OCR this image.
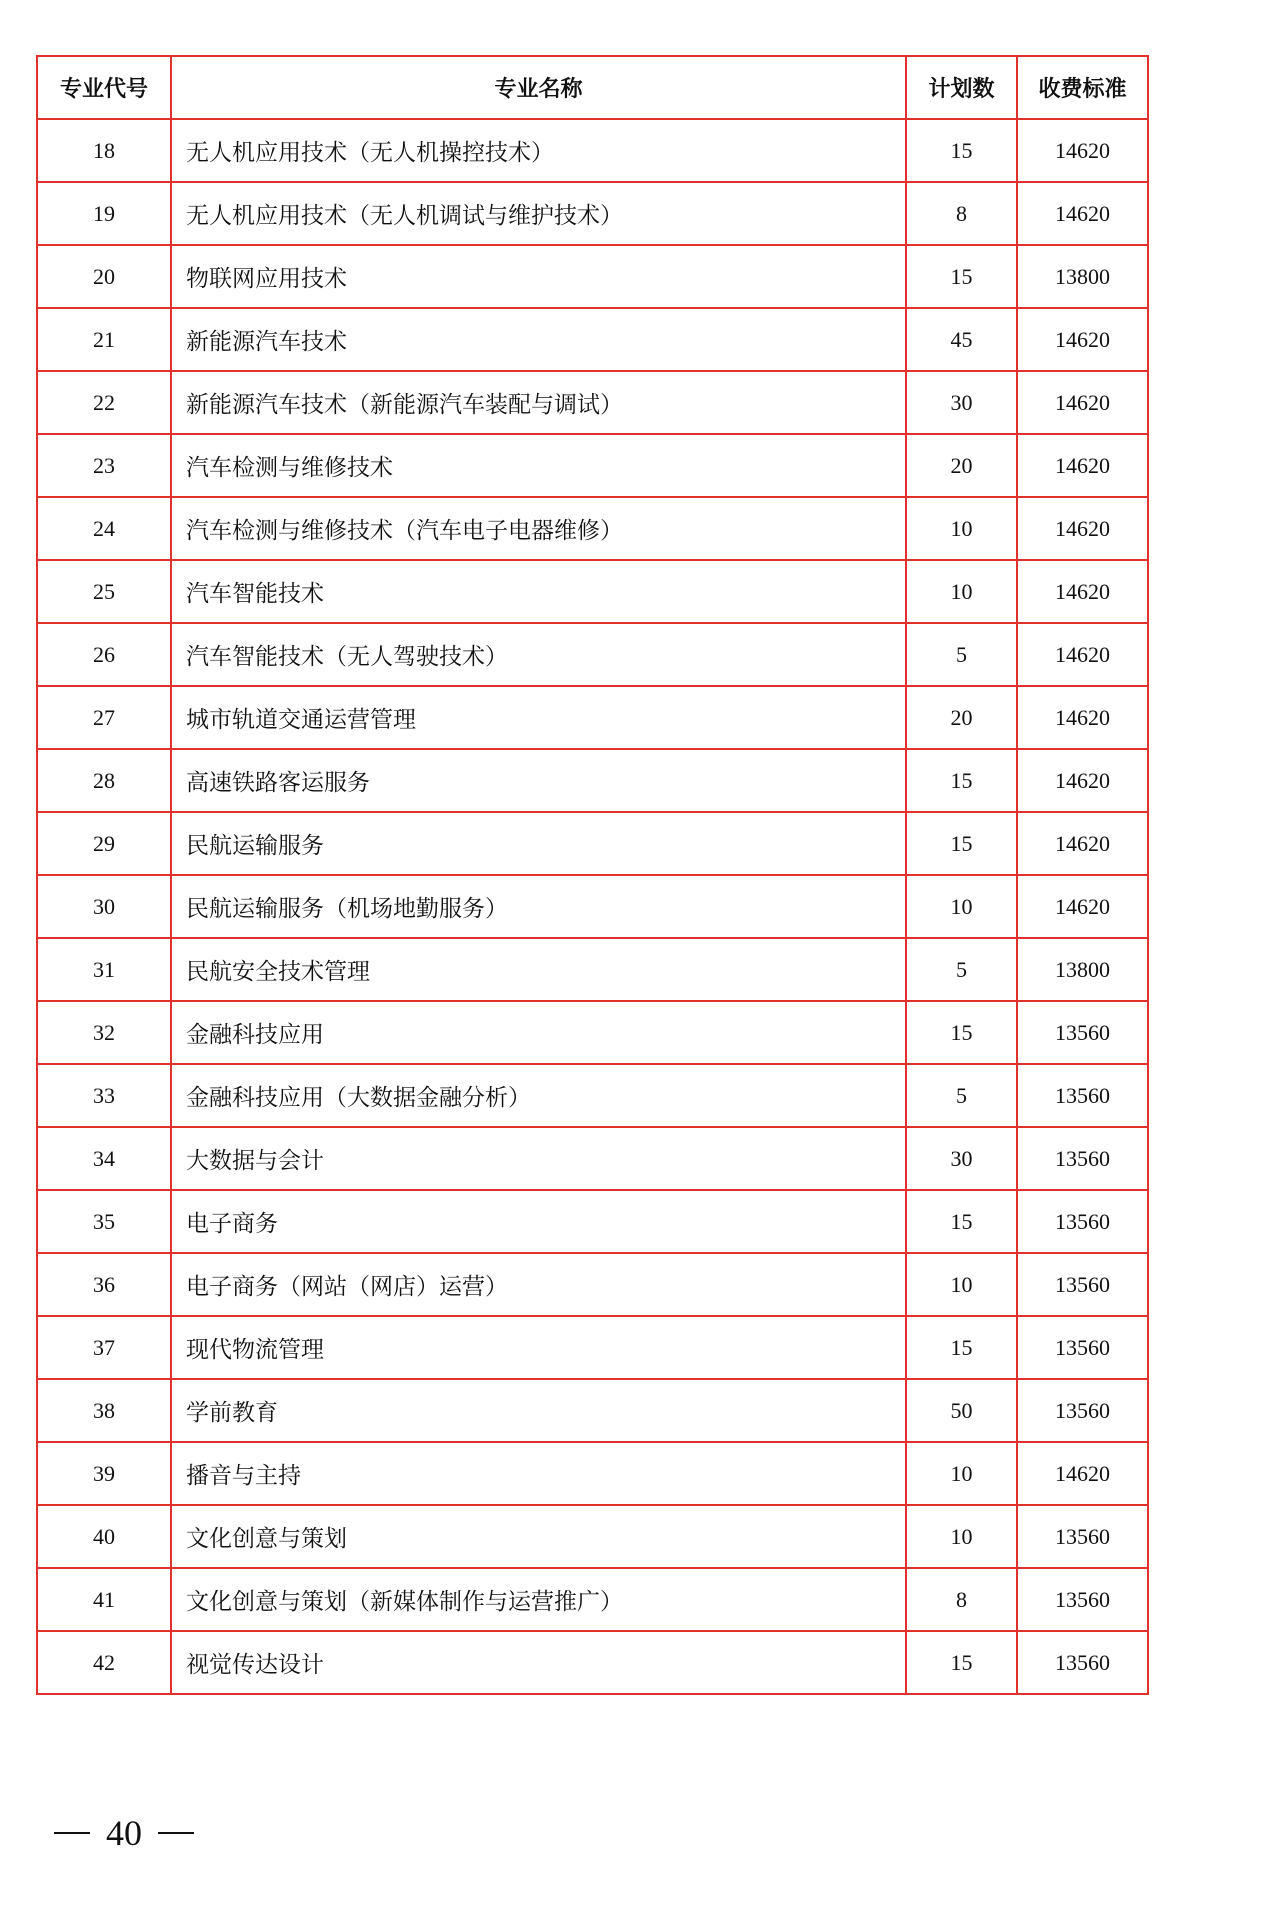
专业代号	专业名称	计划数	收费标准
18	无人机应用技术（无人机操控技术）	15	14620
19	无人机应用技术（无人机调试与维护技术）	8	14620
20	物联网应用技术	15	13800
21	新能源汽车技术	45	14620
22	新能源汽车技术（新能源汽车装配与调试）	30	14620
23	汽车检测与维修技术	20	14620
24	汽车检测与维修技术（汽车电子电器维修）	10	14620
25	汽车智能技术	10	14620
26	汽车智能技术（无人驾驶技术）	5	14620
27	城市轨道交通运营管理	20	14620
28	高速铁路客运服务	15	14620
29	民航运输服务	15	14620
30	民航运输服务（机场地勤服务）	10	14620
31	民航安全技术管理	5	13800
32	金融科技应用	15	13560
33	金融科技应用（大数据金融分析）	5	13560
34	大数据与会计	30	13560
35	电子商务	15	13560
36	电子商务（网站（网店）运营）	10	13560
37	现代物流管理	15	13560
38	学前教育	50	13560
39	播音与主持	10	14620
40	文化创意与策划	10	13560
41	文化创意与策划（新媒体制作与运营推广）	8	13560
42	视觉传达设计	15	13560
40
